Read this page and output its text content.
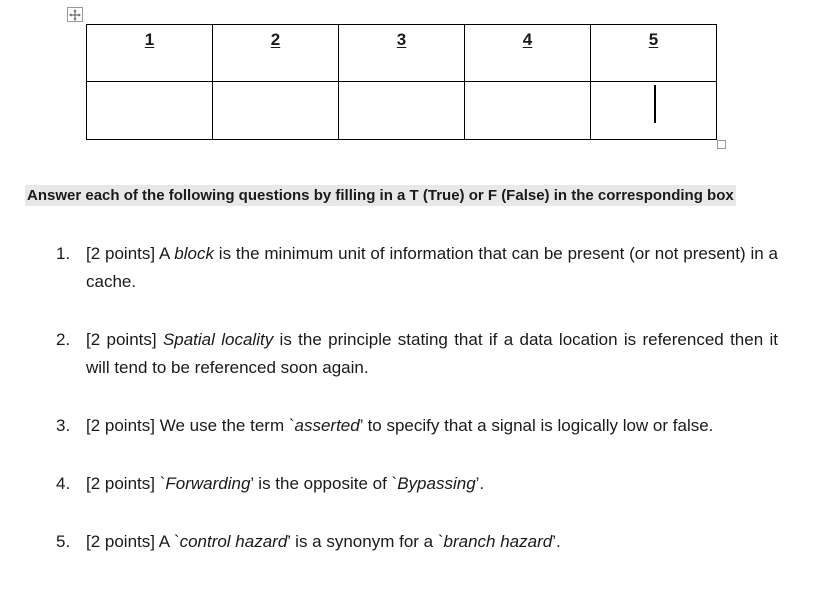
1	2	3	4	5

Answer each of the following questions by filling in a T (True) or F (False) in the corresponding box
1. [2 points] A block is the minimum unit of information that can be present (or not present) in a cache.
2. [2 points] Spatial locality is the principle stating that if a data location is referenced then it will tend to be referenced soon again.
3. [2 points] We use the term `asserted’ to specify that a signal is logically low or false.
4. [2 points] `Forwarding’ is the opposite of `Bypassing’.
5. [2 points] A `control hazard’ is a synonym for a `branch hazard’.
